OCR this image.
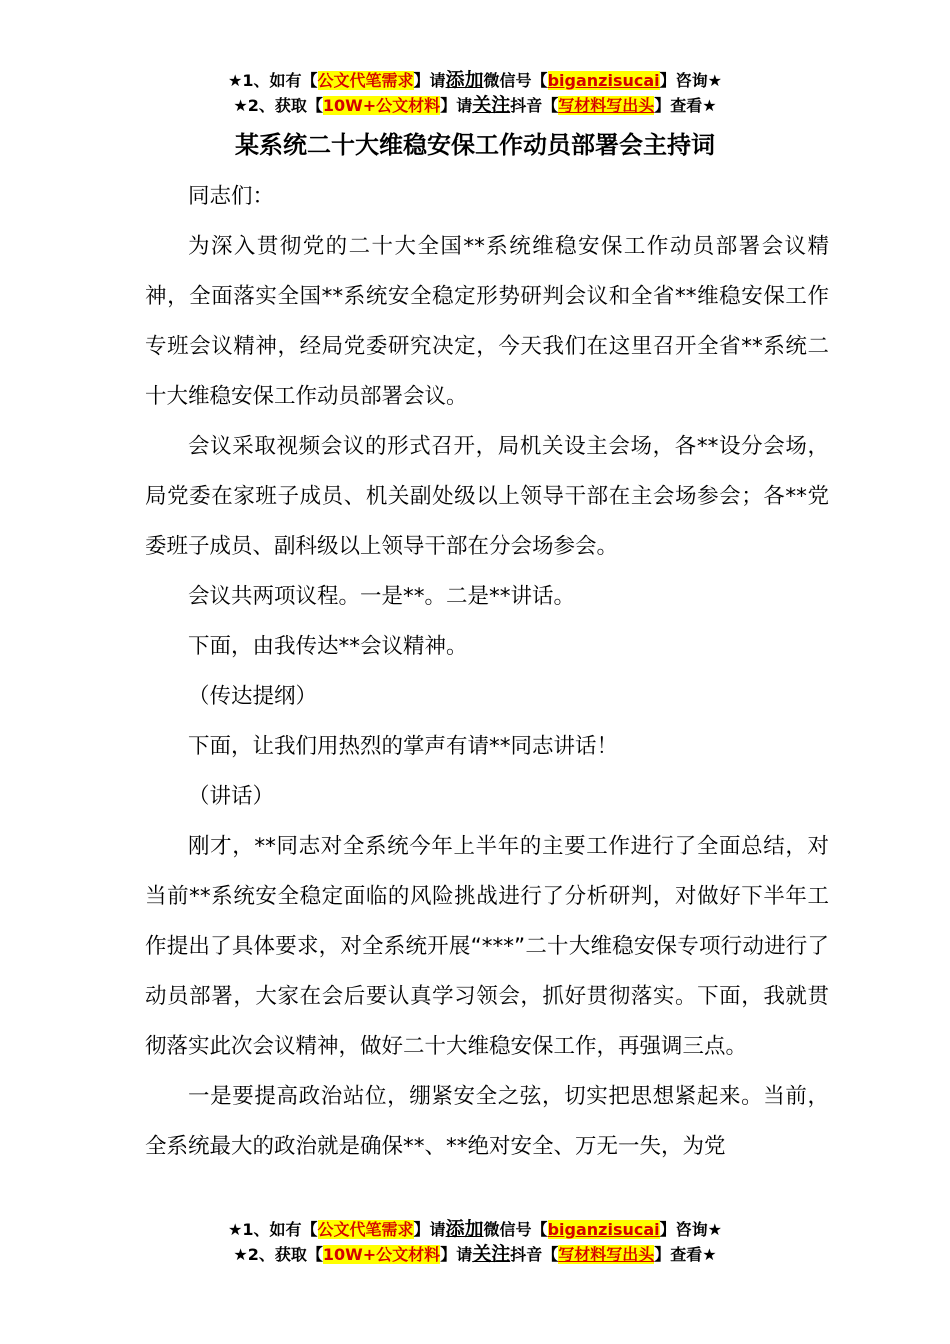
★1、如有【公文代笔需求】请添加微信号【biganzisucai】咨询★
★2、获取【10W+公文材料】请关注抖音【写材料写出头】查看★
某系统二十大维稳安保工作动员部署会主持词

同志们：

为深入贯彻党的二十大全国**系统维稳安保工作动员部署会议精神，全面落实全国**系统安全稳定形势研判会议和全省**维稳安保工作专班会议精神，经局党委研究决定，今天我们在这里召开全省**系统二十大维稳安保工作动员部署会议。

会议采取视频会议的形式召开，局机关设主会场，各**设分会场，局党委在家班子成员、机关副处级以上领导干部在主会场参会；各**党委班子成员、副科级以上领导干部在分会场参会。

会议共两项议程。一是**。二是**讲话。

下面，由我传达**会议精神。

（传达提纲）

下面，让我们用热烈的掌声有请**同志讲话！

（讲话）

刚才，**同志对全系统今年上半年的主要工作进行了全面总结，对当前**系统安全稳定面临的风险挑战进行了分析研判，对做好下半年工作提出了具体要求，对全系统开展“***”二十大维稳安保专项行动进行了动员部署，大家在会后要认真学习领会，抓好贯彻落实。下面，我就贯彻落实此次会议精神，做好二十大维稳安保工作，再强调三点。

一是要提高政治站位，绷紧安全之弦，切实把思想紧起来。当前，全系统最大的政治就是确保**、**绝对安全、万无一失，为党

★1、如有【公文代笔需求】请添加微信号【biganzisucai】咨询★
★2、获取【10W+公文材料】请关注抖音【写材料写出头】查看★
